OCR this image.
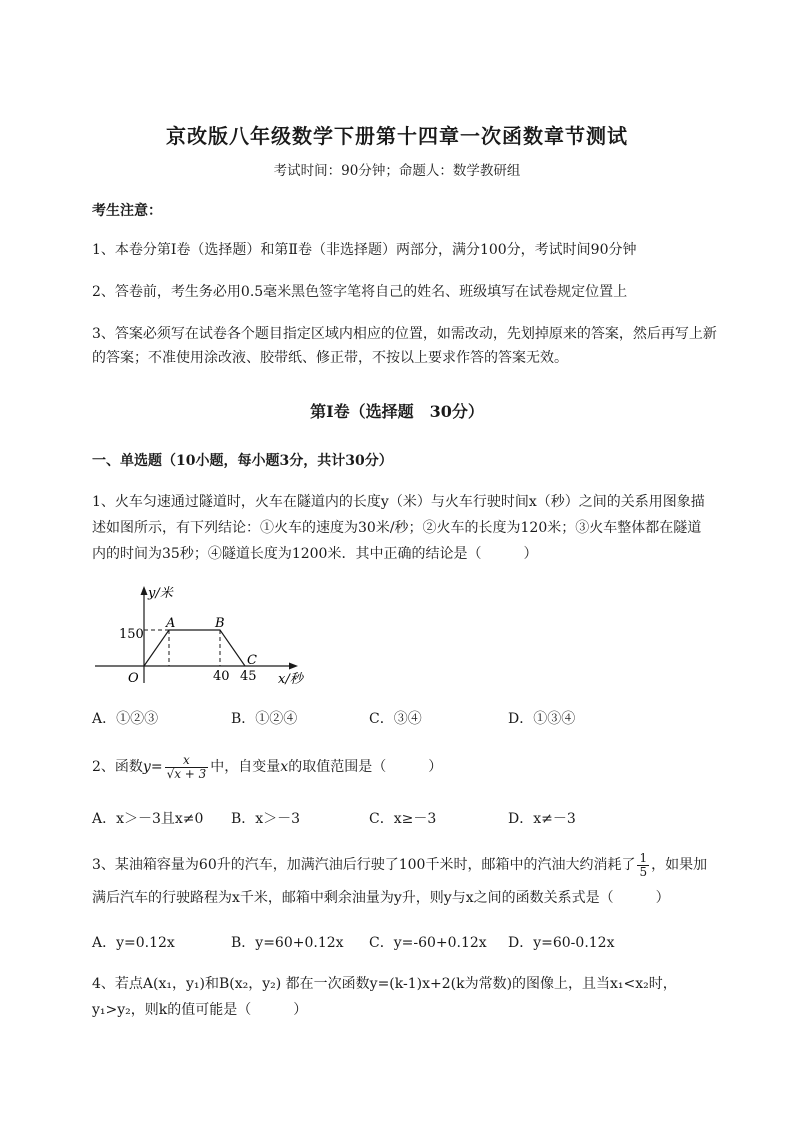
京改版八年级数学下册第十四章一次函数章节测试
考试时间：90分钟；命题人：数学教研组
考生注意：
1、本卷分第I卷（选择题）和第Ⅱ卷（非选择题）两部分，满分100分，考试时间90分钟
2、答卷前，考生务必用0.5毫米黑色签字笔将自己的姓名、班级填写在试卷规定位置上
3、答案必须写在试卷各个题目指定区域内相应的位置，如需改动，先划掉原来的答案，然后再写上新的答案；不准使用涂改液、胶带纸、修正带，不按以上要求作答的答案无效。
第I卷（选择题　30分）
一、单选题（10小题，每小题3分，共计30分）
1、火车匀速通过隧道时，火车在隧道内的长度y（米）与火车行驶时间x（秒）之间的关系用图象描
述如图所示，有下列结论：①火车的速度为30米/秒；②火车的长度为120米；③火车整体都在隧道
内的时间为35秒；④隧道长度为1200米．其中正确的结论是（　　　）
y/米
x/秒
O
150
40 45
A	B
C
A．①②③	B．①②④	C．③④	D．①③④
2、函数$y= \frac{x}{√x + 3}$ 中，自变量x的取值范围是（　　　）
A．x＞－3且x≠0 B．x＞－3	C．x≥－3	D．x≠－3
3、某油箱容量为60升的汽车，加满汽油后行驶了100千米时，邮箱中的汽油大约消耗了 $\frac{1}{5}$ ，如果加
满后汽车的行驶路程为x千米，邮箱中剩余油量为y升，则y与x之间的函数关系式是（　　　）
A．y=0.12x	B．y=60+0.12x C．y=-60+0.12x D．y=60-0.12x
4、若点A(x₁，y₁)和B(x₂，y₂) 都在一次函数y=(k-1)x+2(k为常数)的图像上，且当x₁<x₂时，
y₁>y₂，则k的值可能是（　　　）
